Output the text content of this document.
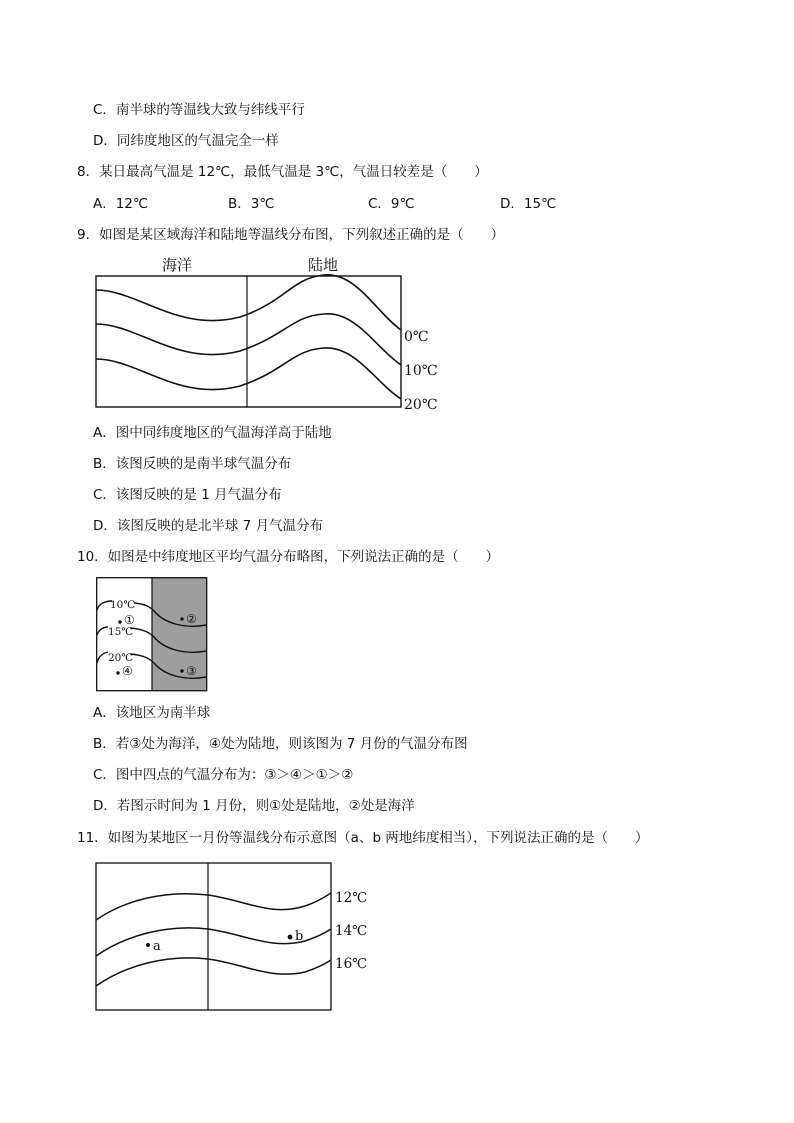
C．南半球的等温线大致与纬线平行
D．同纬度地区的气温完全一样
8．某日最高气温是 12℃，最低气温是 3℃，气温日较差是（　　）
A．12℃	B．3℃	C．9℃	D．15℃
9．如图是某区域海洋和陆地等温线分布图，下列叙述正确的是（　　）
海洋	陆地
0℃
10℃
20℃
A．图中同纬度地区的气温海洋高于陆地
B．该图反映的是南半球气温分布
C．该图反映的是 1 月气温分布
D．该图反映的是北半球 7 月气温分布
10．如图是中纬度地区平均气温分布略图，下列说法正确的是（　　）
10℃
15℃
20℃
①	②
③
④
A．该地区为南半球
B．若③处为海洋，④处为陆地，则该图为 7 月份的气温分布图
C．图中四点的气温分布为：③＞④＞①＞②
D．若图示时间为 1 月份，则①处是陆地，②处是海洋
11．如图为某地区一月份等温线分布示意图（a、b 两地纬度相当），下列说法正确的是（　　）
12℃
14℃
16℃
a
b
